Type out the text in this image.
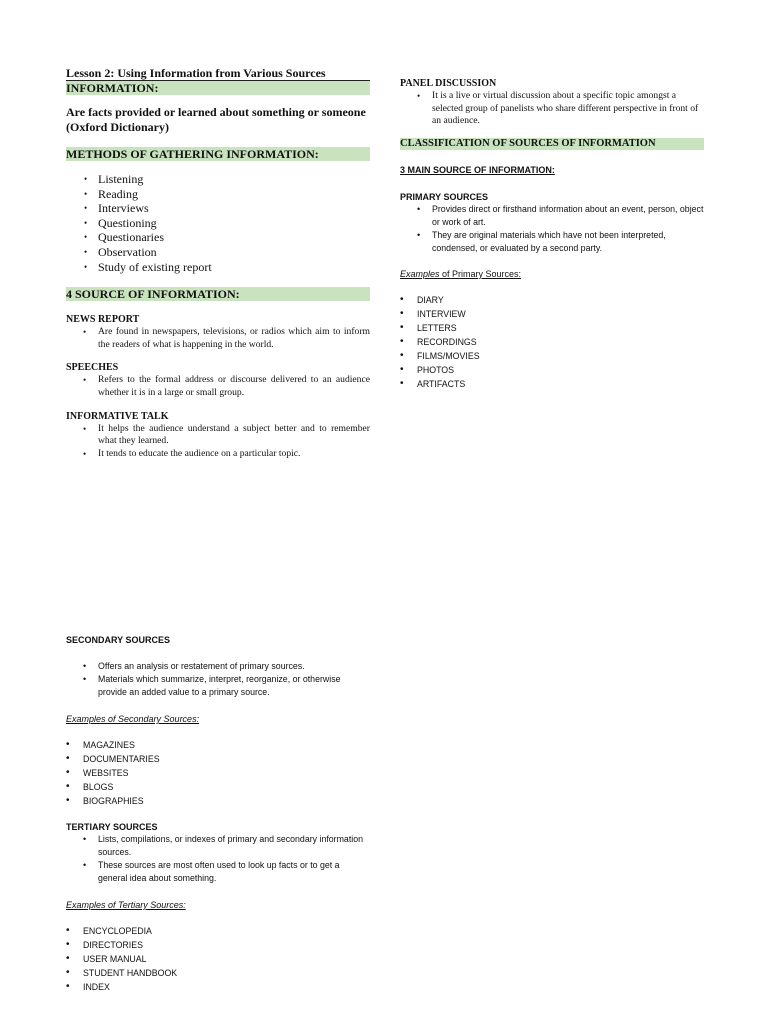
Lesson 2: Using Information from Various Sources

INFORMATION:

Are facts provided or learned about something or someone (Oxford Dictionary)

METHODS OF GATHERING INFORMATION:

• Listening
• Reading
• Interviews
• Questioning
• Questionaries
• Observation
• Study of existing report

4 SOURCE OF INFORMATION:

NEWS REPORT

• Are found in newspapers, televisions, or radios which aim to inform the readers of what is happening in the world.

SPEECHES

• Refers to the formal address or discourse delivered to an audience whether it is in a large or small group.

INFORMATIVE TALK

• It helps the audience understand a subject better and to remember what they learned.
• It tends to educate the audience on a particular topic.

PANEL DISCUSSION

• It is a live or virtual discussion about a specific topic amongst a selected group of panelists who share different perspective in front of an audience.

CLASSIFICATION OF SOURCES OF INFORMATION

3 MAIN SOURCE OF INFORMATION:

PRIMARY SOURCES

• Provides direct or firsthand information about an event, person, object or work of art.
• They are original materials which have not been interpreted, condensed, or evaluated by a second party.

Examples of Primary Sources:

• DIARY
• INTERVIEW
• LETTERS
• RECORDINGS
• FILMS/MOVIES
• PHOTOS
• ARTIFACTS

SECONDARY SOURCES

• Offers an analysis or restatement of primary sources.
• Materials which summarize, interpret, reorganize, or otherwise provide an added value to a primary source.

Examples of Secondary Sources:

• MAGAZINES
• DOCUMENTARIES
• WEBSITES
• BLOGS
• BIOGRAPHIES

TERTIARY SOURCES

• Lists, compilations, or indexes of primary and secondary information sources.
• These sources are most often used to look up facts or to get a general idea about something.

Examples of Tertiary Sources:

• ENCYCLOPEDIA
• DIRECTORIES
• USER MANUAL
• STUDENT HANDBOOK
• INDEX
